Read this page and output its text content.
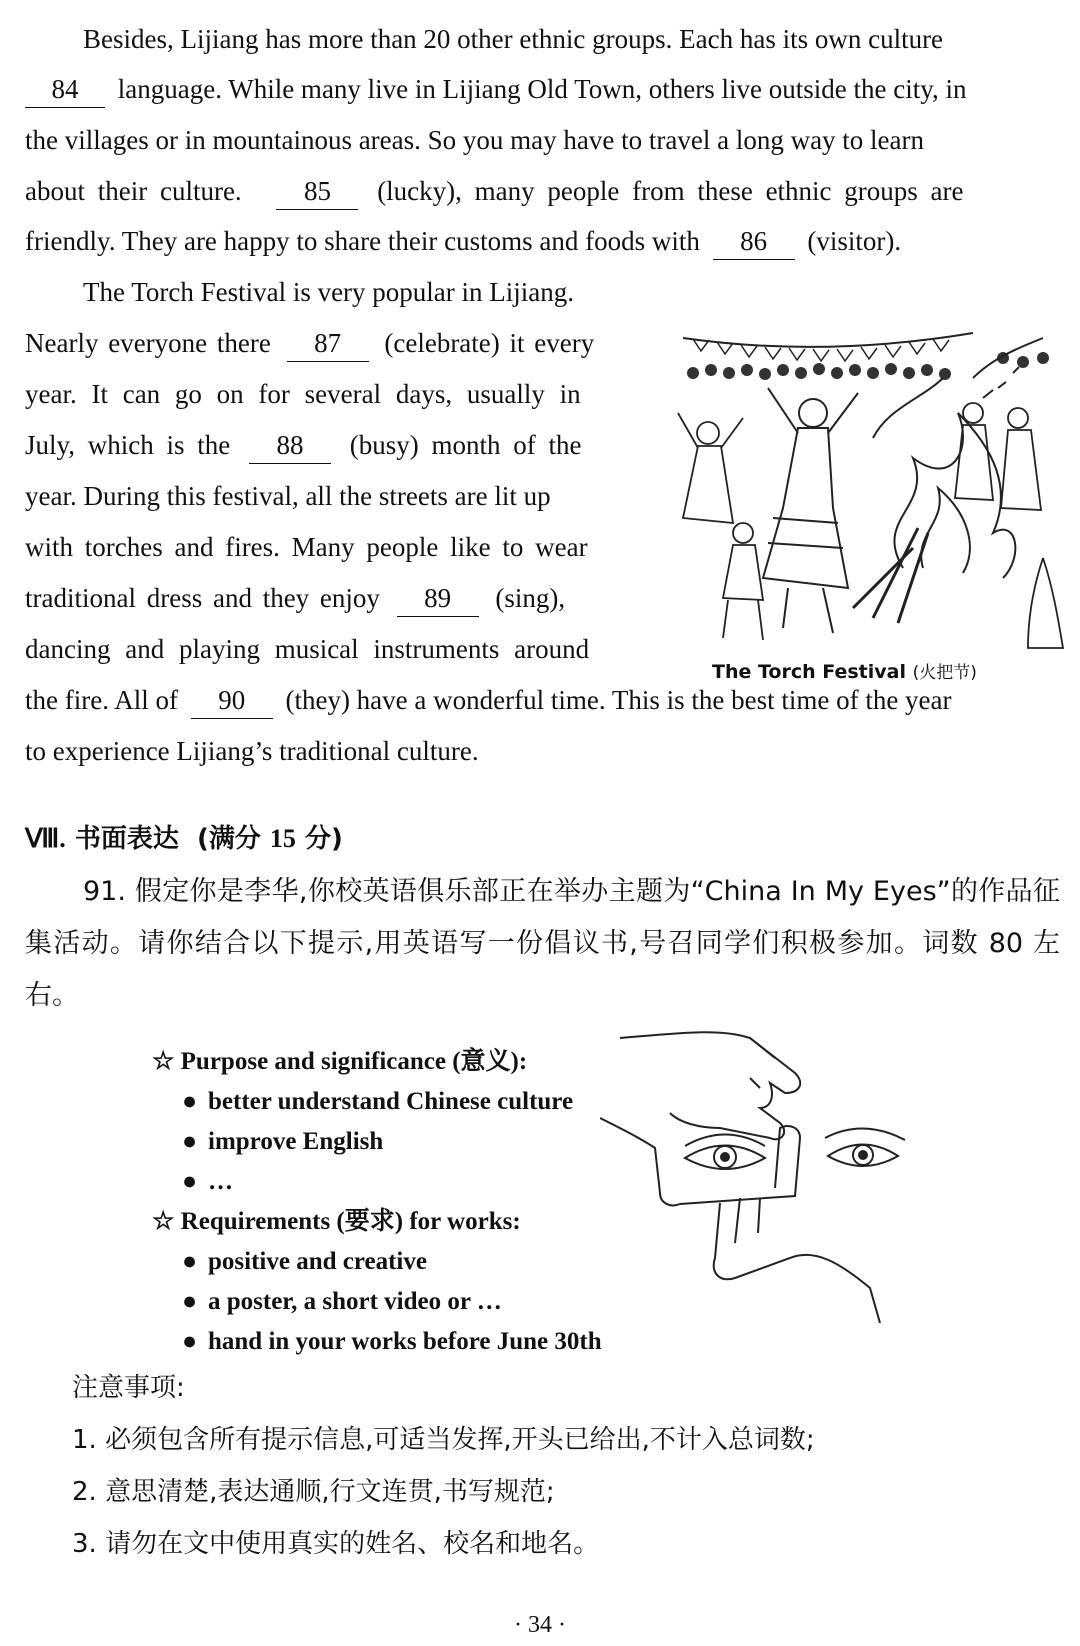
Besides, Lijiang has more than 20 other ethnic groups. Each has its own culture
84 language. While many live in Lijiang Old Town, others live outside the city, in
the villages or in mountainous areas. So you may have to travel a long way to learn
about their culture. 85 (lucky), many people from these ethnic groups are
friendly. They are happy to share their customs and foods with 86 (visitor).
The Torch Festival is very popular in Lijiang.
Nearly everyone there 87 (celebrate) it every
year. It can go on for several days, usually in
July, which is the 88 (busy) month of the
year. During this festival, all the streets are lit up
with torches and fires. Many people like to wear
traditional dress and they enjoy 89 (sing),
dancing and playing musical instruments around
the fire. All of 90 (they) have a wonderful time. This is the best time of the year
to experience Lijiang’s traditional culture.
The Torch Festival (火把节)
Ⅷ. 书面表达 (满分 15 分)
91. 假定你是李华,你校英语俱乐部正在举办主题为“China In My Eyes”的作品征集活动。请你结合以下提示,用英语写一份倡议书,号召同学们积极参加。词数 80 左右。
☆ Purpose and significance (意义):
● better understand Chinese culture
● improve English
● …
☆ Requirements (要求) for works:
● positive and creative
● a poster, a short video or …
● hand in your works before June 30th
注意事项:
1. 必须包含所有提示信息,可适当发挥,开头已给出,不计入总词数;
2. 意思清楚,表达通顺,行文连贯,书写规范;
3. 请勿在文中使用真实的姓名、校名和地名。
· 34 ·
